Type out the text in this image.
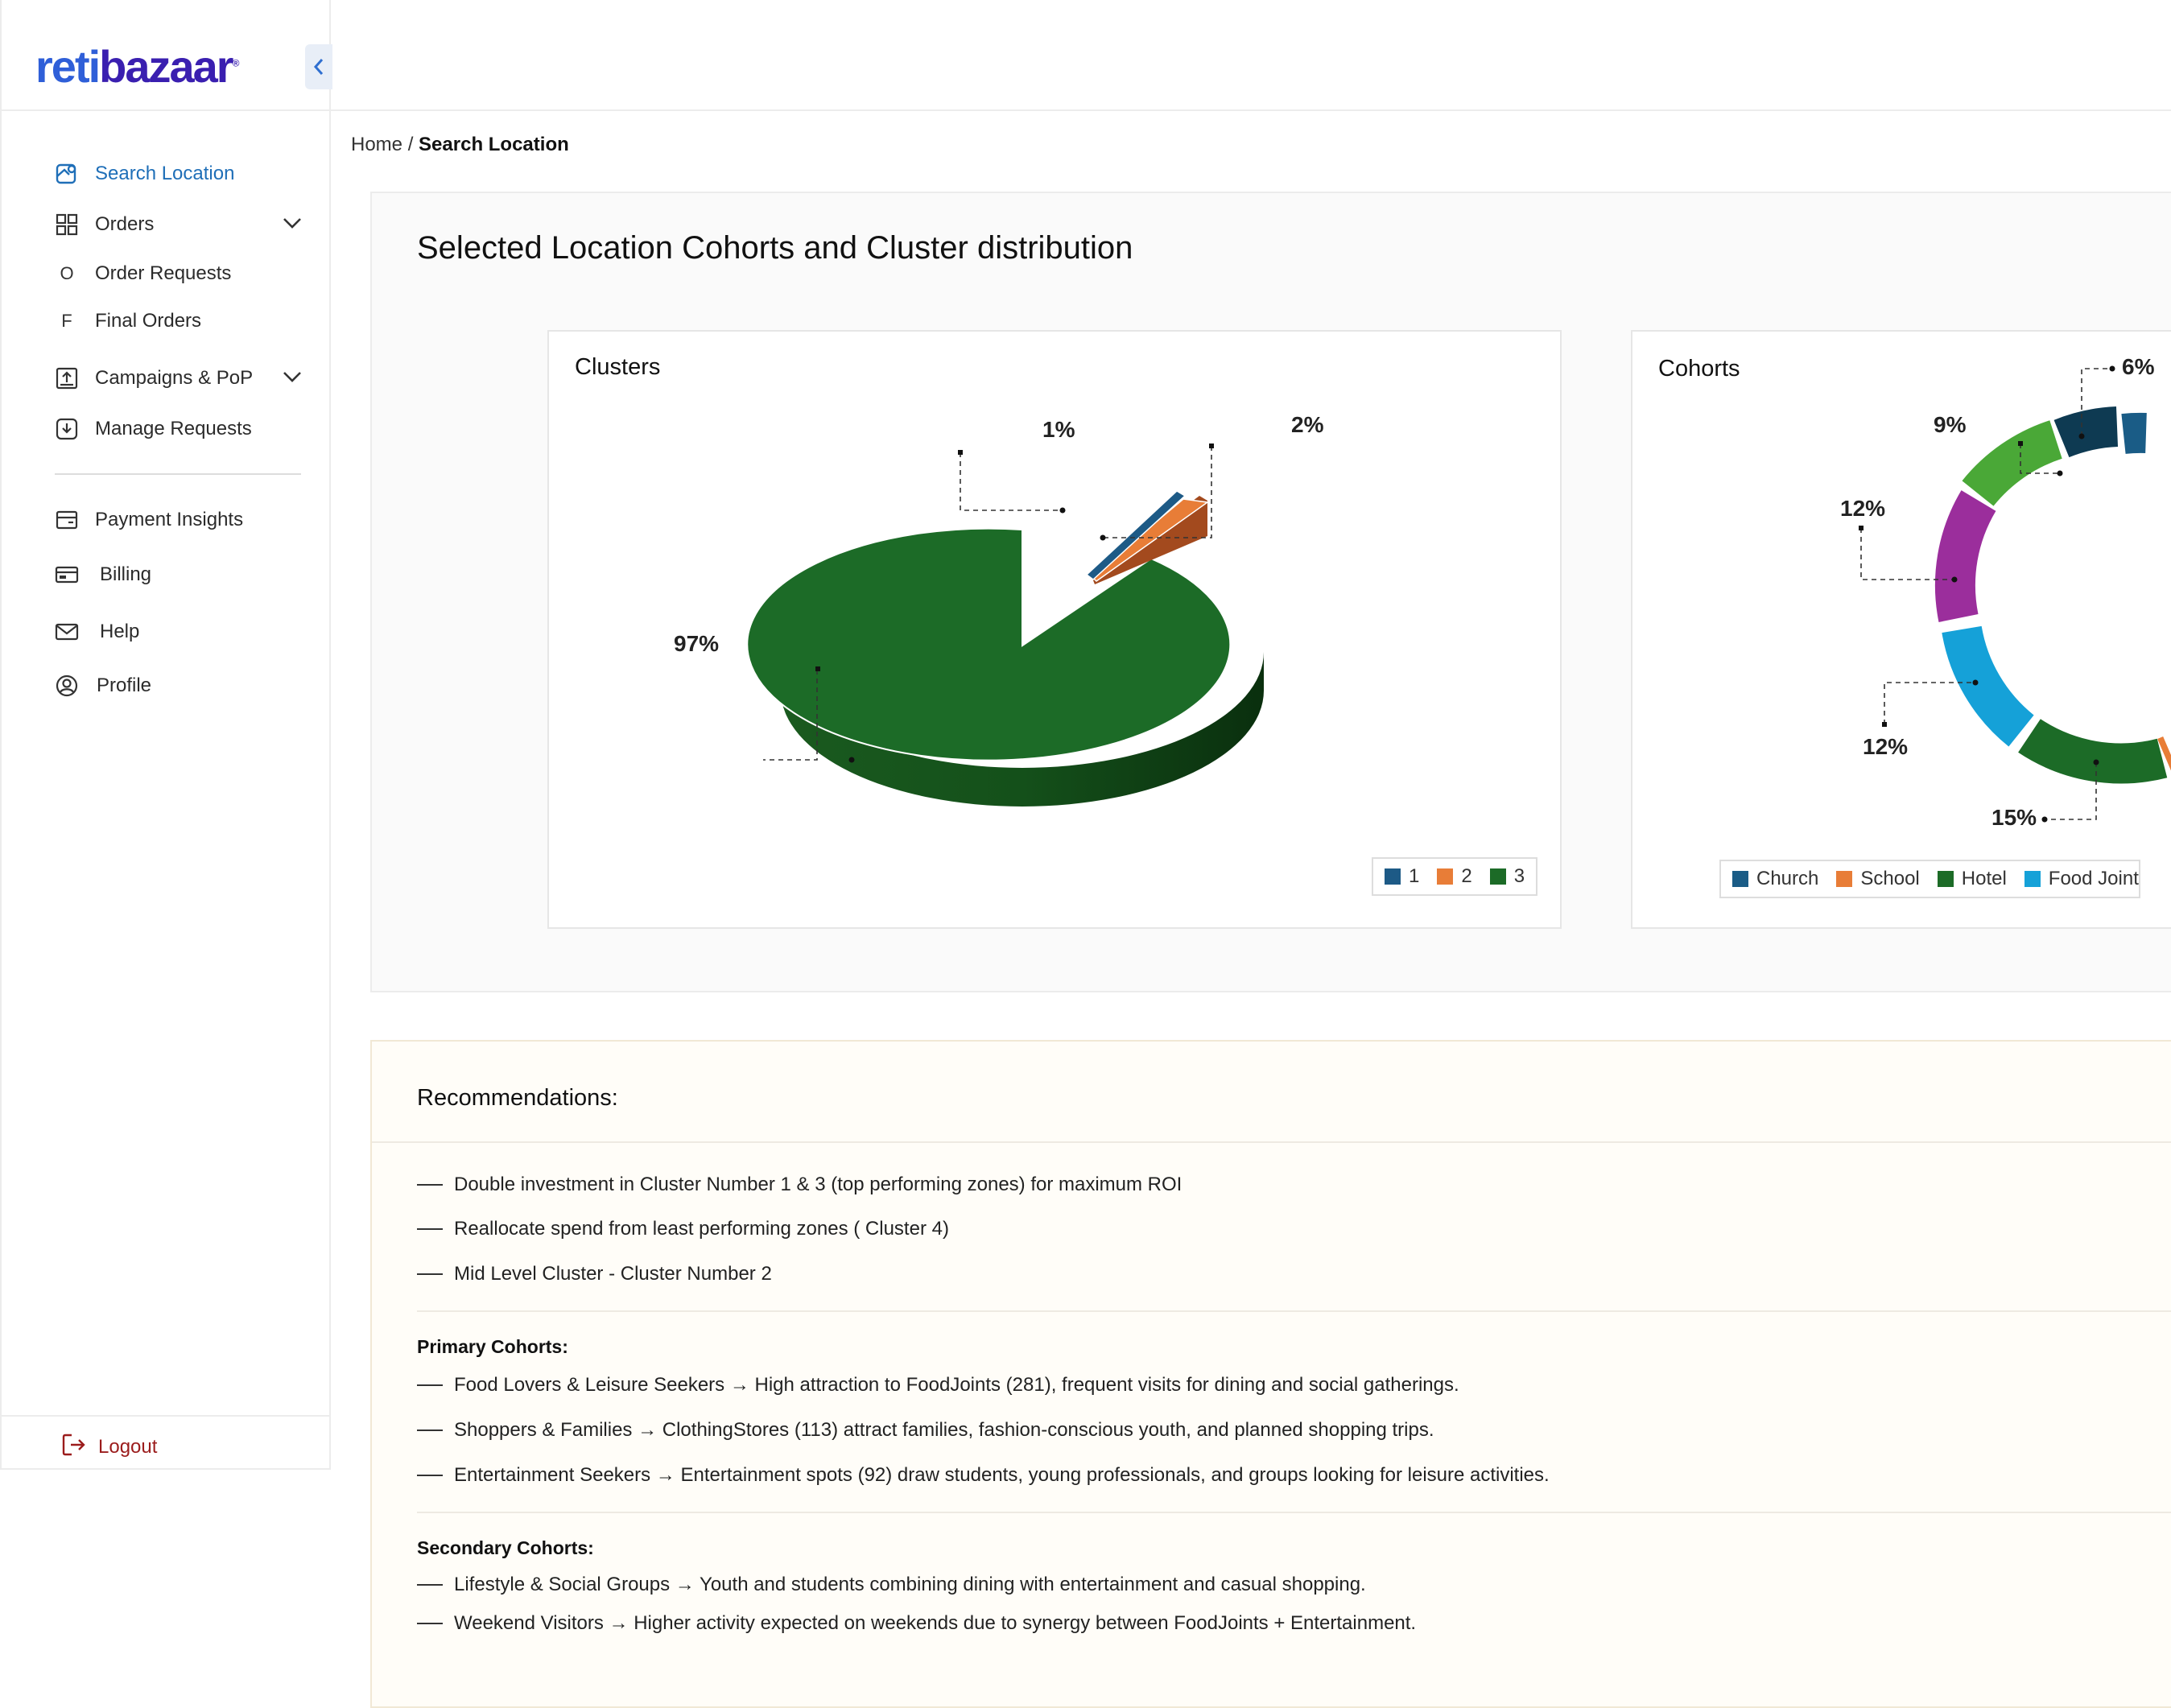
retibazaar®
Search Location
Orders
O	Order Requests
F	Final Orders
Campaigns & PoP
Manage Requests
Payment Insights
Billing
Help
Profile
Logout
Home / Search Location
Selected Location Cohorts and Cluster distribution
Clusters
97%
1%	2%
1 2 3
Cohorts	6%
9%
12%
12%
15%
Church School Hotel Food Joint
Recommendations:
Double investment in Cluster Number 1 & 3 (top performing zones) for maximum ROI
Reallocate spend from least performing zones ( Cluster 4)
Mid Level Cluster - Cluster Number 2
Primary Cohorts:
Food Lovers & Leisure Seekers → High attraction to FoodJoints (281), frequent visits for dining and social gatherings.
Shoppers & Families → ClothingStores (113) attract families, fashion-conscious youth, and planned shopping trips.
Entertainment Seekers → Entertainment spots (92) draw students, young professionals, and groups looking for leisure activities.
Secondary Cohorts:
Lifestyle & Social Groups → Youth and students combining dining with entertainment and casual shopping.
Weekend Visitors → Higher activity expected on weekends due to synergy between FoodJoints + Entertainment.
